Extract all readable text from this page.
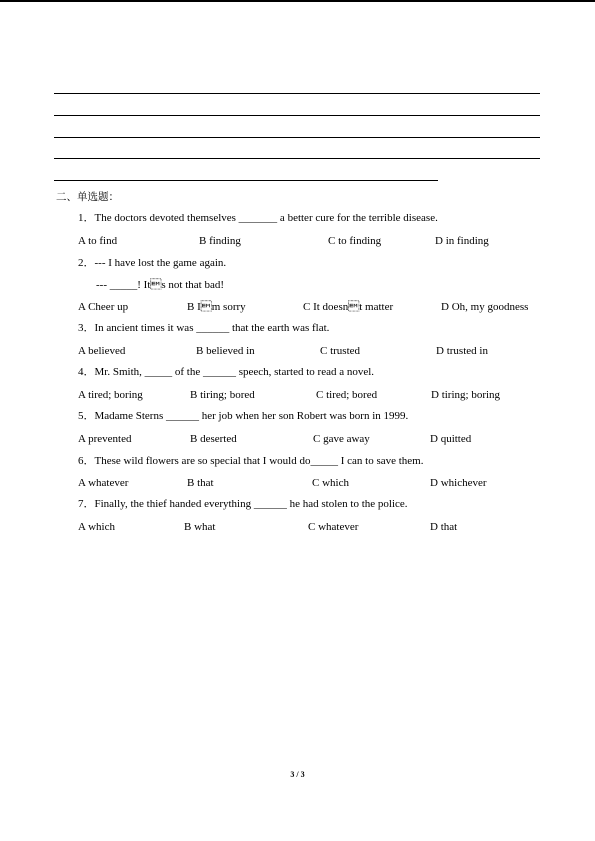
二、单选题：
1．The doctors devoted themselves _______ a better cure for the terrible disease.
A to find	B finding	C to finding	D in finding
2．--- I have lost the game again.
--- _____! Its not that bad!
A Cheer up	B Im sorry	C It doesnt matter	D Oh, my goodness
3．In ancient times it was ______ that the earth was flat.
A believed	B believed in	C trusted	D trusted in
4．Mr. Smith, _____ of the ______ speech, started to read a novel.
A tired; boring	B tiring; bored	C tired; bored	D tiring; boring
5．Madame Sterns ______ her job when her son Robert was born in 1999.
A prevented	B deserted	C gave away	D quitted
6．These wild flowers are so special that I would do_____ I can to save them.
A whatever	B that	C which	D whichever
7．Finally, the thief handed everything ______ he had stolen to the police.
A which	B what	C whatever	D that
3 / 3
